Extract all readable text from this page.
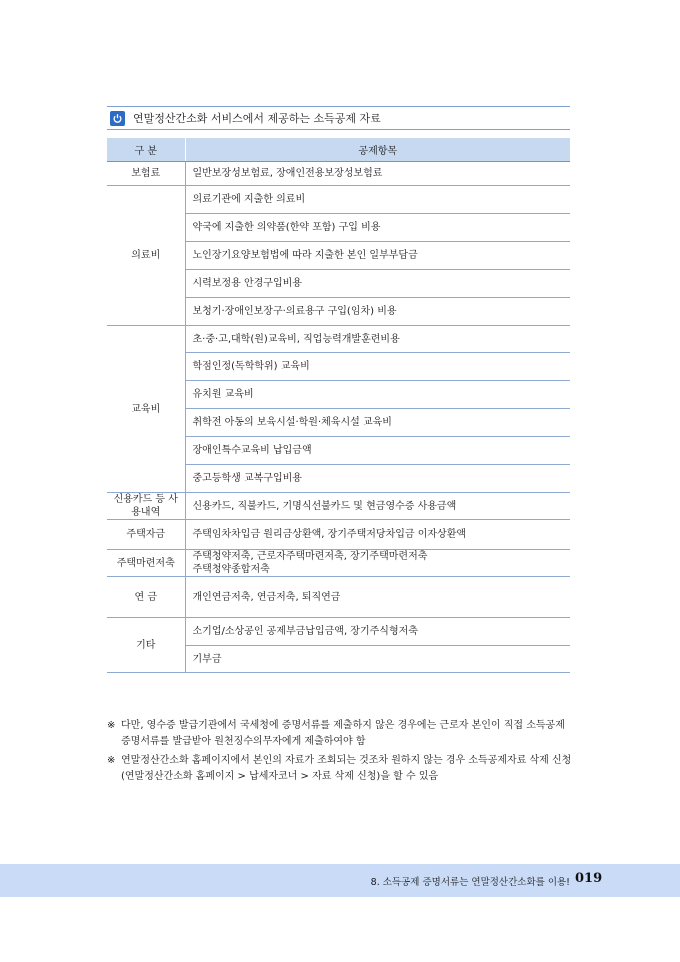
연말정산간소화 서비스에서 제공하는 소득공제 자료
구 분	공제항목
보험료	일반보장성보험료, 장애인전용보장성보험료
의료비	의료기관에 지출한 의료비
	약국에 지출한 의약품(한약 포함) 구입 비용
	노인장기요양보험법에 따라 지출한 본인 일부부담금
	시력보정용 안경구입비용
	보청기·장애인보장구·의료용구 구입(임차) 비용
교육비	초·중·고,대학(원)교육비, 직업능력개발훈련비용
	학점인정(독학학위) 교육비
	유치원 교육비
	취학전 아동의 보육시설·학원·체육시설 교육비
	장애인특수교육비 납입금액
	중고등학생 교복구입비용
신용카드 등 사용내역	신용카드, 직불카드, 기명식선불카드 및 현금영수증 사용금액
주택자금	주택임차차입금 원리금상환액, 장기주택저당차입금 이자상환액
주택마련저축	주택청약저축, 근로자주택마련저축, 장기주택마련저축
주택청약종합저축
연 금	개인연금저축, 연금저축, 퇴직연금
기타	소기업/소상공인 공제부금납입금액, 장기주식형저축
	기부금
※ 다만, 영수증 발급기관에서 국세청에 증명서류를 제출하지 않은 경우에는 근로자 본인이 직접 소득공제 증명서류를 발급받아 원천징수의무자에게 제출하여야 함
※ 연말정산간소화 홈페이지에서 본인의 자료가 조회되는 것조차 원하지 않는 경우 소득공제자료 삭제 신청(연말정산간소화 홈페이지 > 납세자코너 > 자료 삭제 신청)을 할 수 있음
8. 소득공제 증명서류는 연말정산간소화를 이용! 019
